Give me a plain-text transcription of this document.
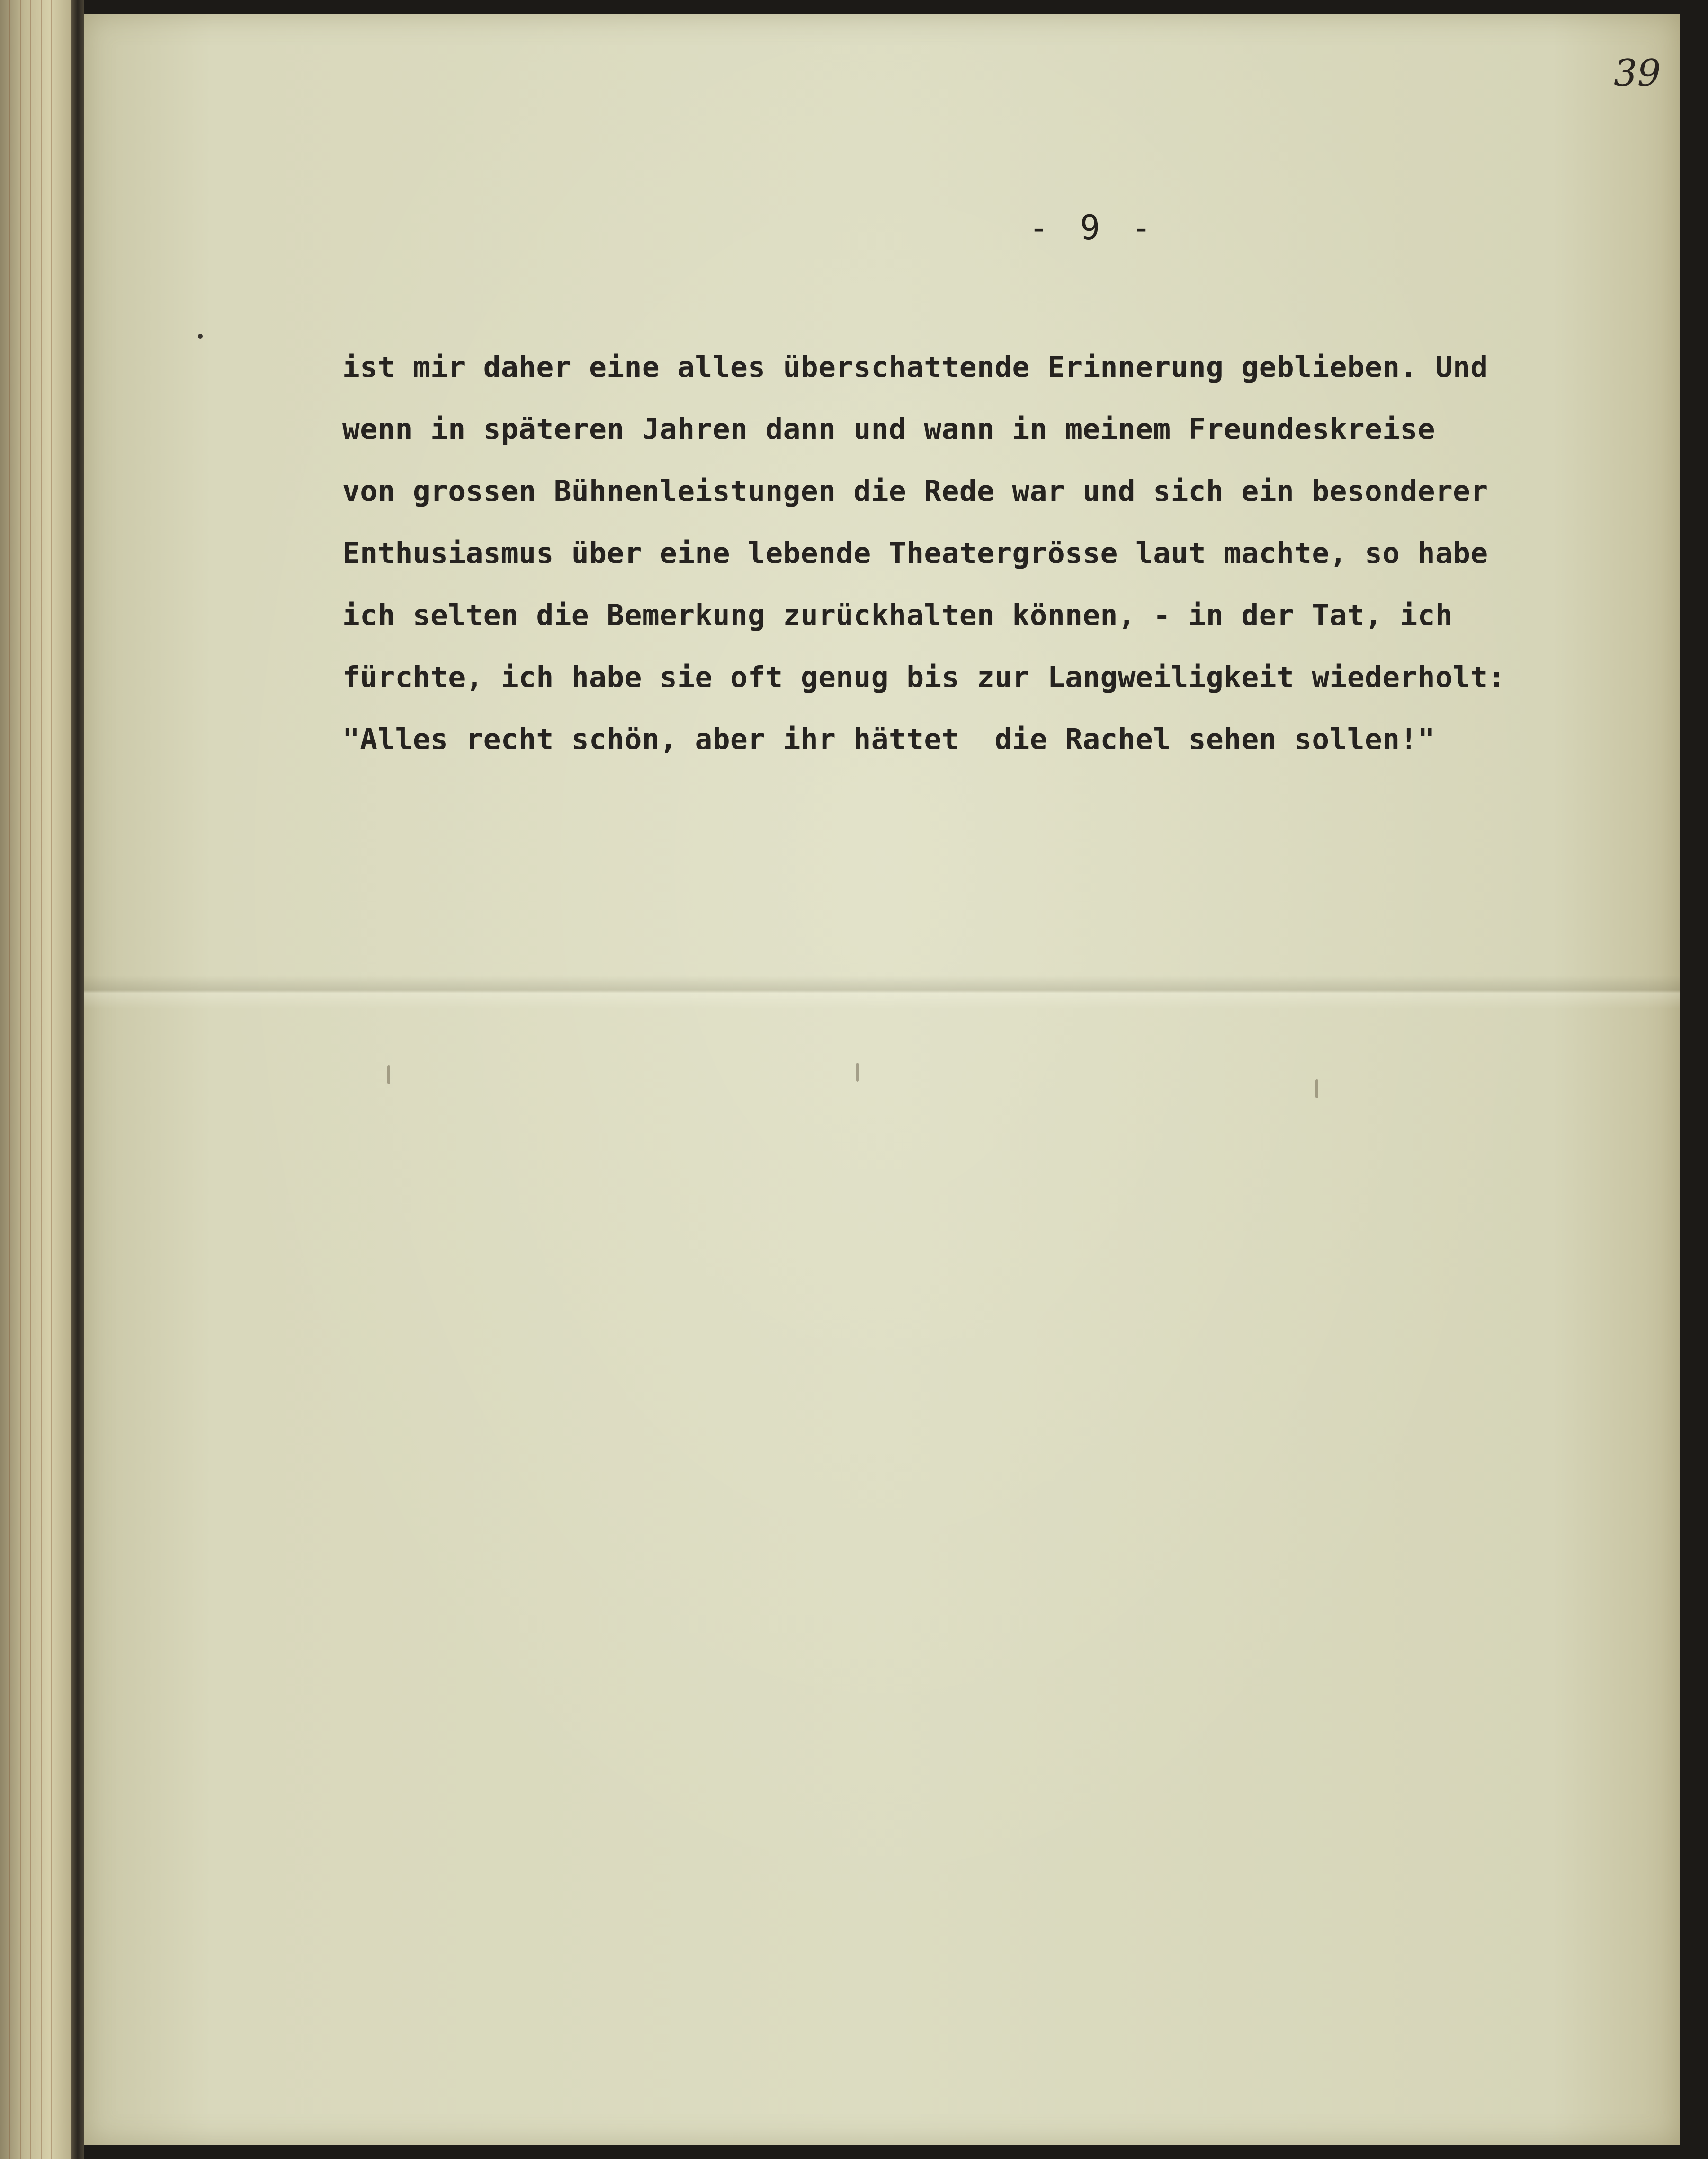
39
- 9 -
ist mir daher eine alles überschattende Erinnerung geblieben. Und
wenn in späteren Jahren dann und wann in meinem Freundeskreise
von grossen Bühnenleistungen die Rede war und sich ein besonderer
Enthusiasmus über eine lebende Theatergrösse laut machte, so habe
ich selten die Bemerkung zurückhalten können, - in der Tat, ich
fürchte, ich habe sie oft genug bis zur Langweiligkeit wiederholt:
"Alles recht schön, aber ihr hättet  die Rachel sehen sollen!"
